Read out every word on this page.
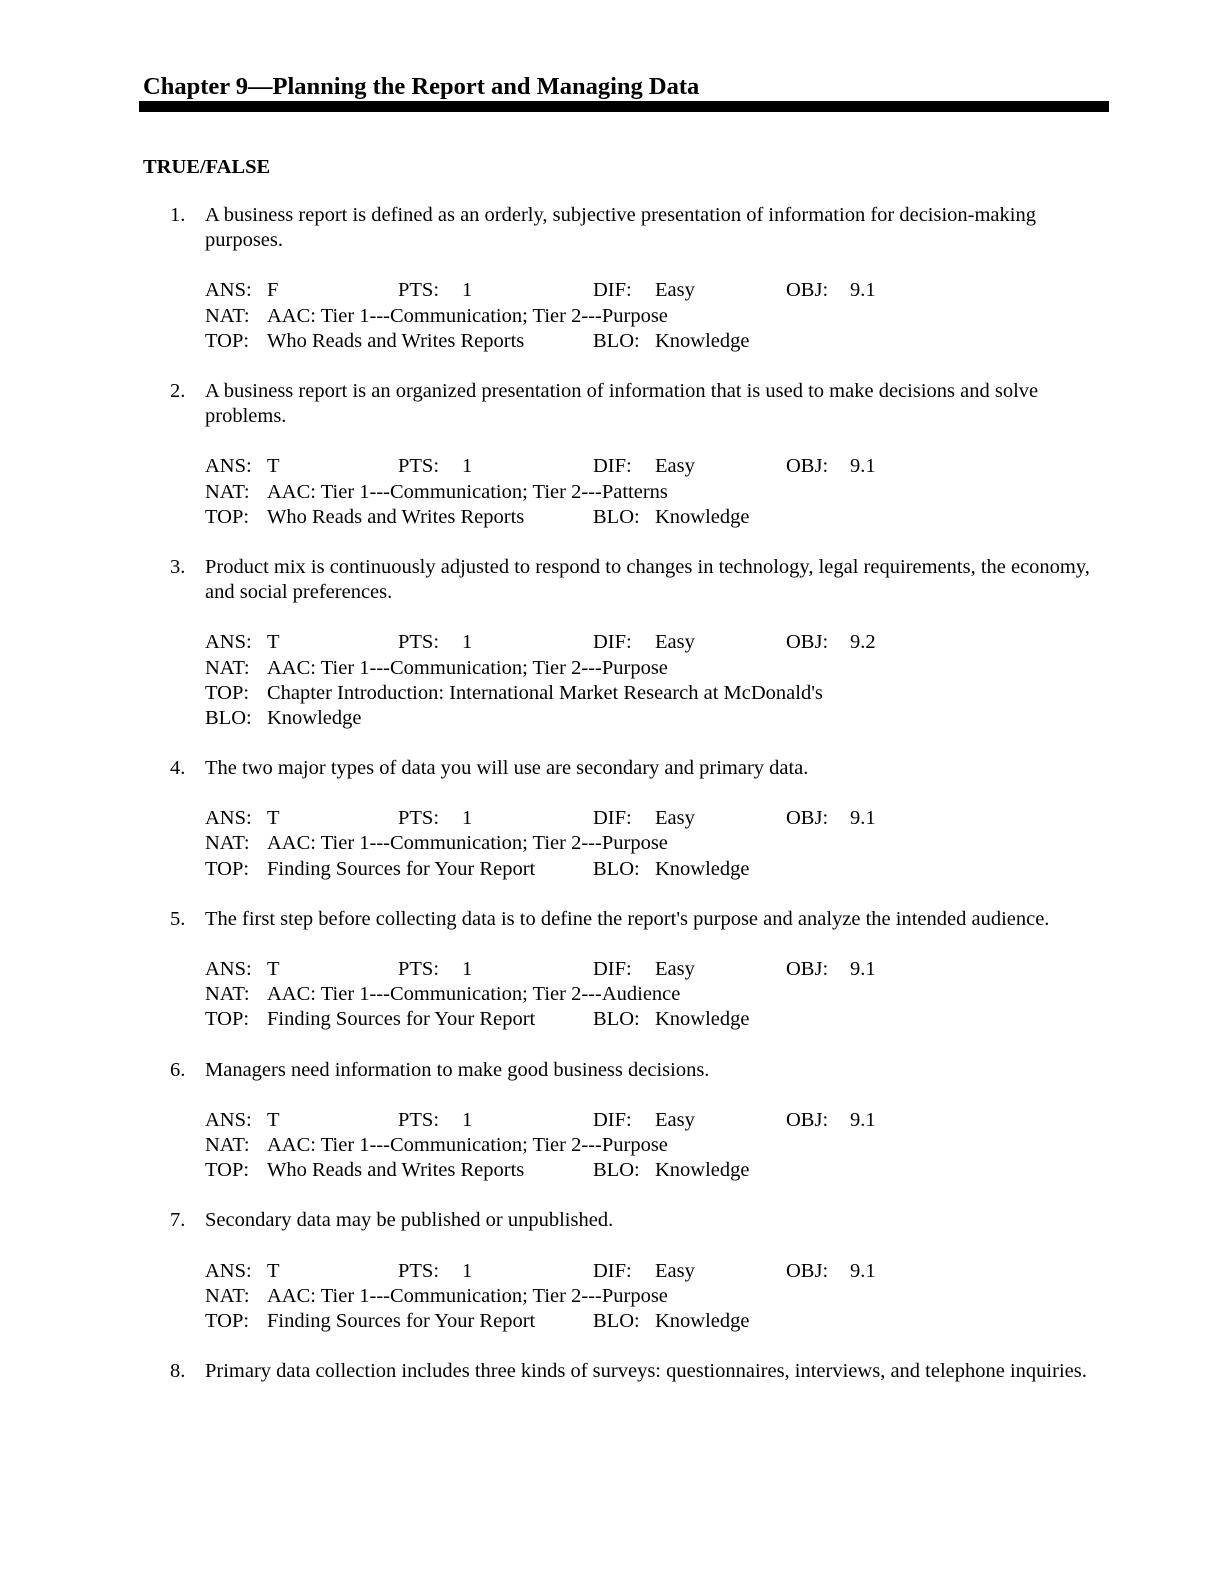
Chapter 9—Planning the Report and Managing Data
TRUE/FALSE
1. A business report is defined as an orderly, subjective presentation of information for decision-making purposes.
ANS: F	PTS: 1	DIF: Easy	OBJ: 9.1
NAT: AAC: Tier 1---Communication; Tier 2---Purpose
TOP: Who Reads and Writes Reports	BLO: Knowledge
2. A business report is an organized presentation of information that is used to make decisions and solve problems.
ANS: T	PTS: 1	DIF: Easy	OBJ: 9.1
NAT: AAC: Tier 1---Communication; Tier 2---Patterns
TOP: Who Reads and Writes Reports	BLO: Knowledge
3. Product mix is continuously adjusted to respond to changes in technology, legal requirements, the economy, and social preferences.
ANS: T	PTS: 1	DIF: Easy	OBJ: 9.2
NAT: AAC: Tier 1---Communication; Tier 2---Purpose
TOP: Chapter Introduction: International Market Research at McDonald's
BLO: Knowledge
4. The two major types of data you will use are secondary and primary data.
ANS: T	PTS: 1	DIF: Easy	OBJ: 9.1
NAT: AAC: Tier 1---Communication; Tier 2---Purpose
TOP: Finding Sources for Your Report	BLO: Knowledge
5. The first step before collecting data is to define the report's purpose and analyze the intended audience.
ANS: T	PTS: 1	DIF: Easy	OBJ: 9.1
NAT: AAC: Tier 1---Communication; Tier 2---Audience
TOP: Finding Sources for Your Report	BLO: Knowledge
6. Managers need information to make good business decisions.
ANS: T	PTS: 1	DIF: Easy	OBJ: 9.1
NAT: AAC: Tier 1---Communication; Tier 2---Purpose
TOP: Who Reads and Writes Reports	BLO: Knowledge
7. Secondary data may be published or unpublished.
ANS: T	PTS: 1	DIF: Easy	OBJ: 9.1
NAT: AAC: Tier 1---Communication; Tier 2---Purpose
TOP: Finding Sources for Your Report	BLO: Knowledge
8. Primary data collection includes three kinds of surveys: questionnaires, interviews, and telephone inquiries.
